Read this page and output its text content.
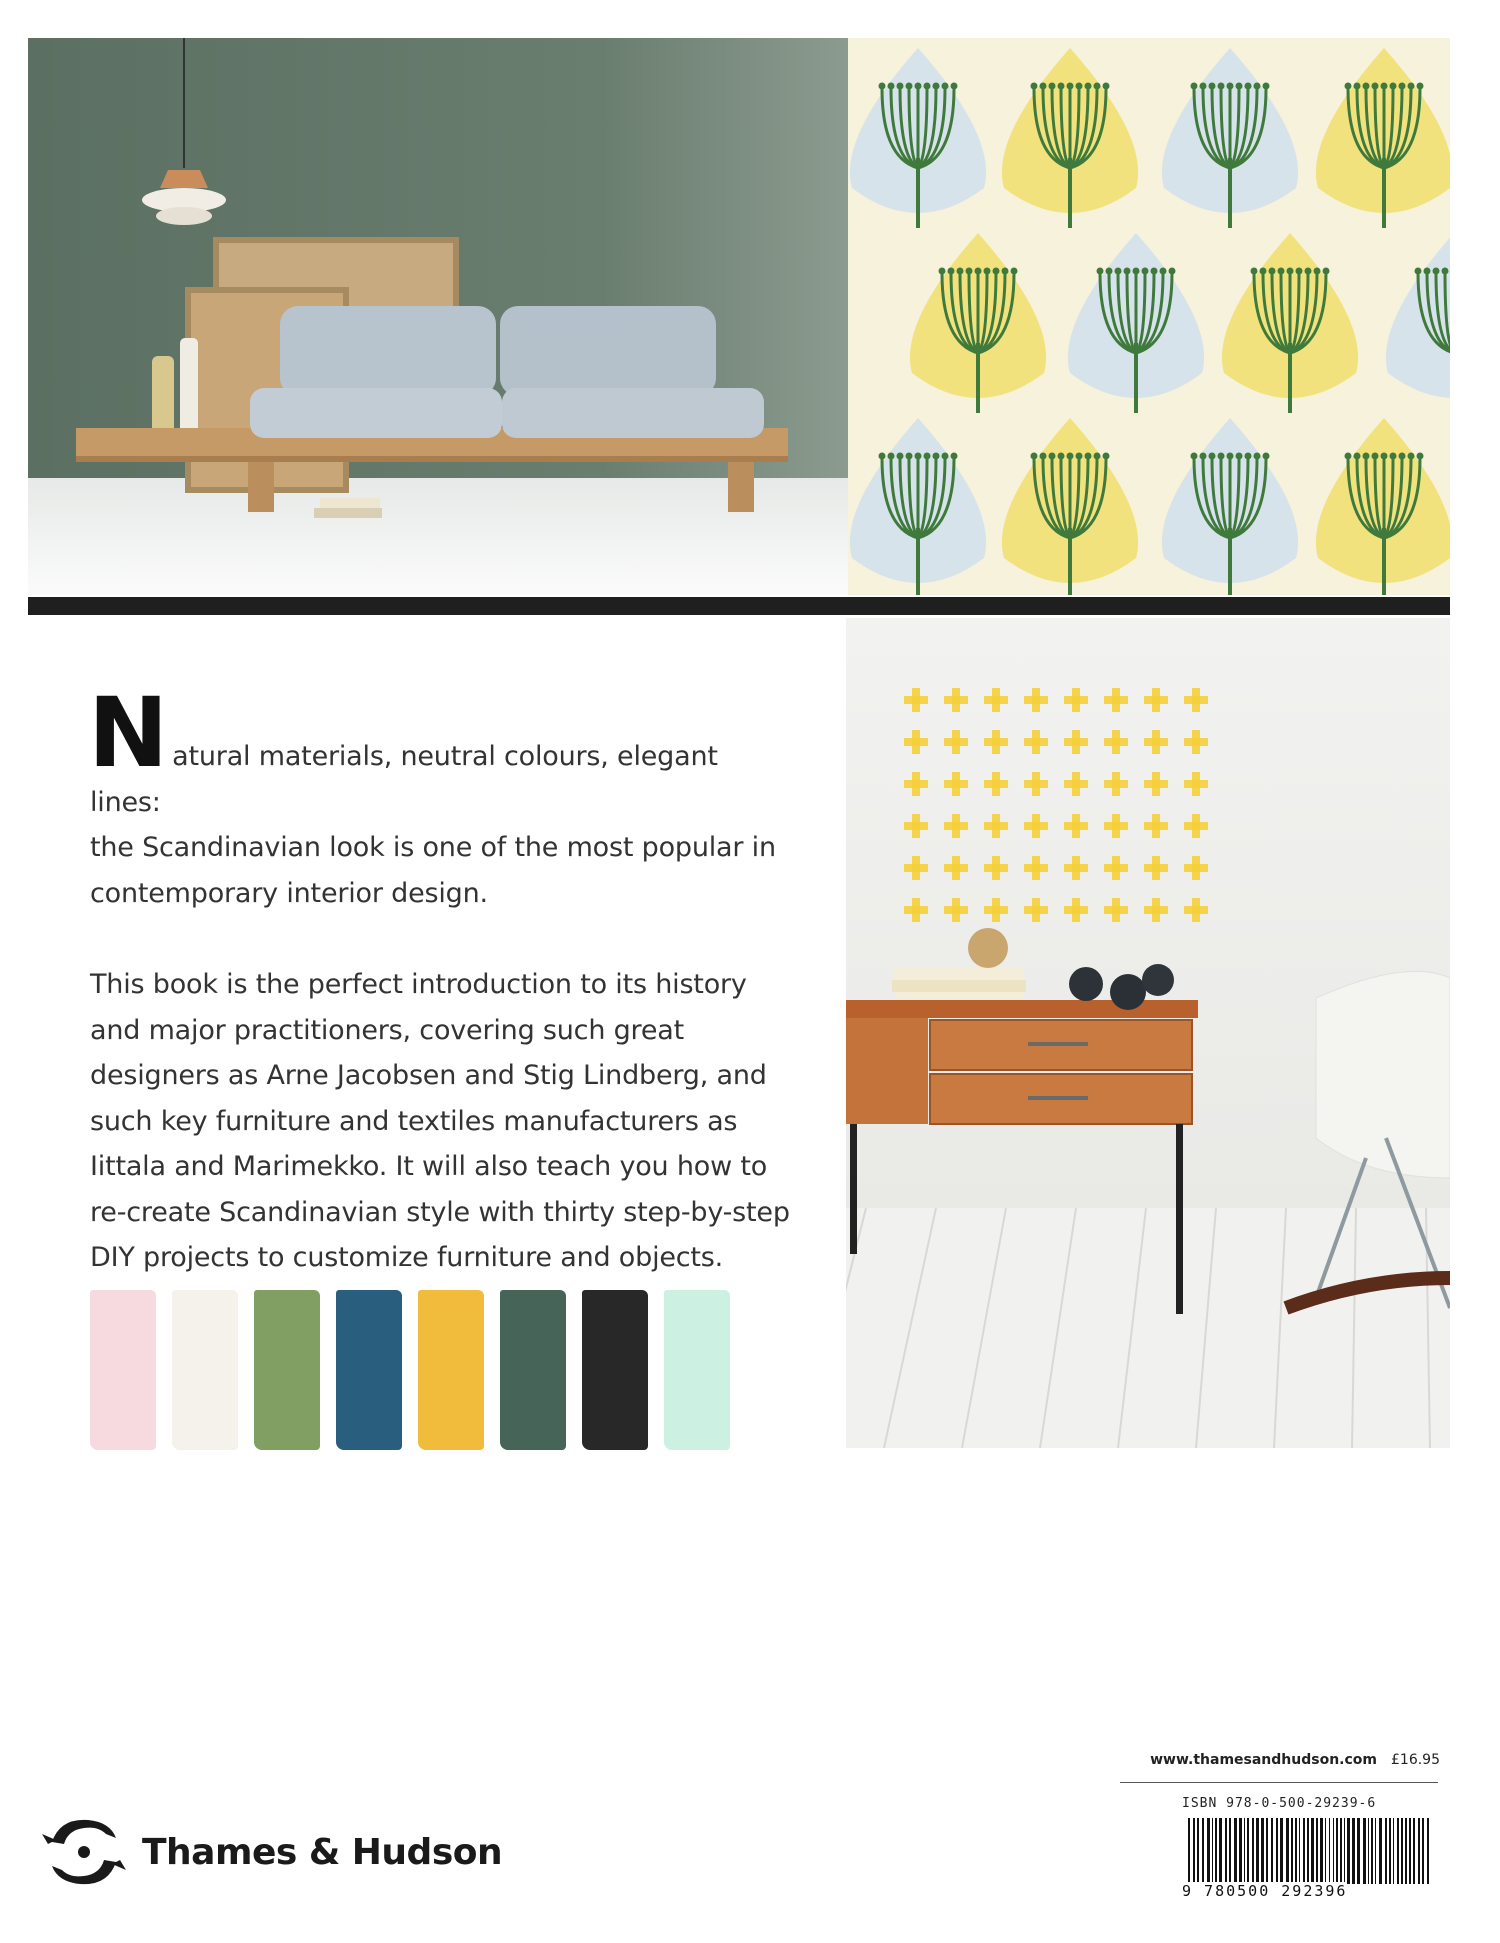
N atural materials, neutral colours, elegant lines:
the Scandinavian look is one of the most popular in contemporary interior design.

This book is the perfect introduction to its history and major practitioners, covering such great designers as Arne Jacobsen and Stig Lindberg, and such key furniture and textiles manufacturers as Iittala and Marimekko. It will also teach you how to re-create Scandinavian style with thirty step-by-step DIY projects to customize furniture and objects.

www.thamesandhudson.com £16.95
ISBN 978-0-500-29239-6
9 780500 292396
Thames & Hudson
